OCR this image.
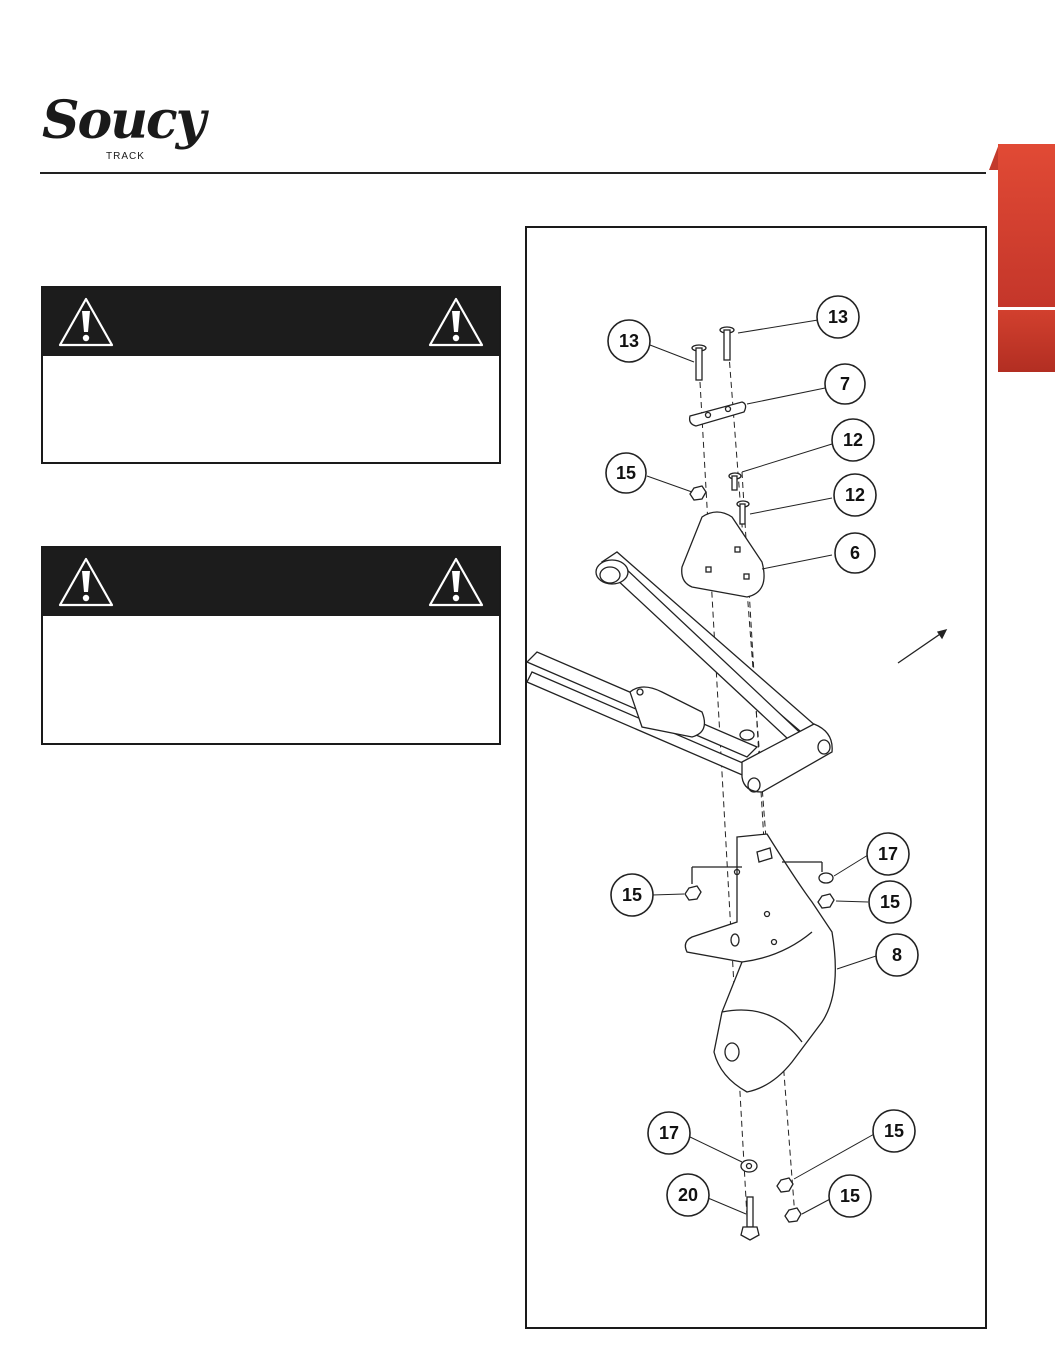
Soucy
TRACK
13
13
7
12
12
15
6
17
15
15
8
17	15
20	15
